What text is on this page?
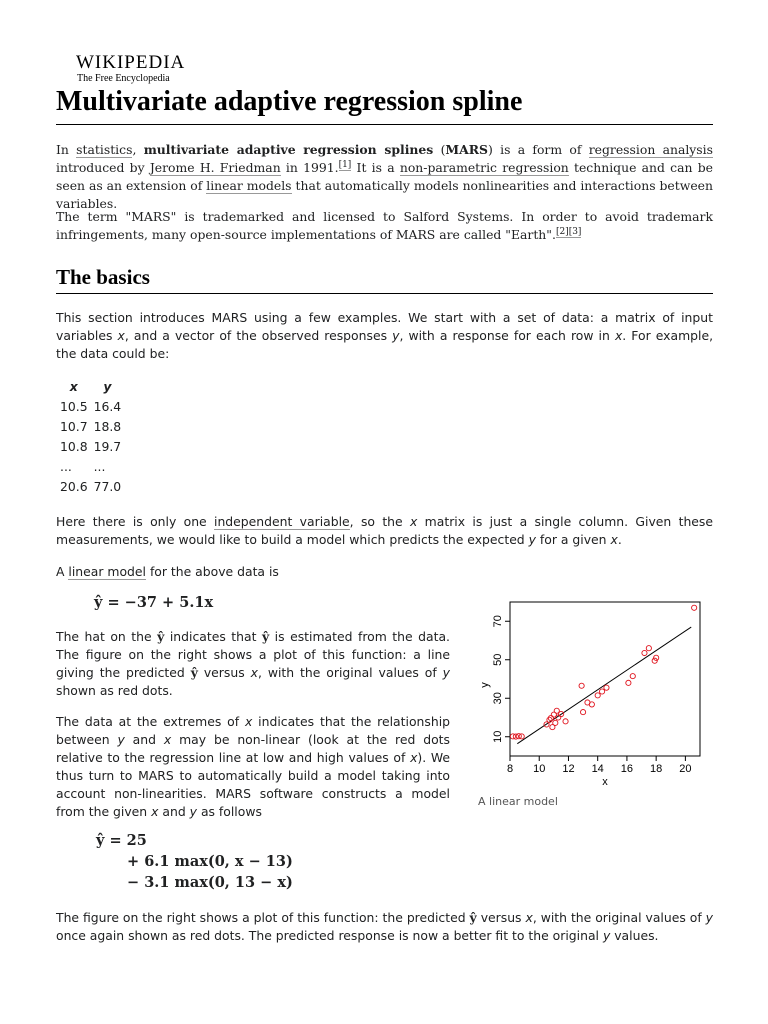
WIKIPEDIA
The Free Encyclopedia
Multivariate adaptive regression spline

In statistics, multivariate adaptive regression splines (MARS) is a form of regression analysis introduced by Jerome H. Friedman in 1991.[1] It is a non-parametric regression technique and can be seen as an extension of linear models that automatically models nonlinearities and interactions between variables.

The term "MARS" is trademarked and licensed to Salford Systems. In order to avoid trademark infringements, many open-source implementations of MARS are called "Earth".[2][3]

The basics

This section introduces MARS using a few examples. We start with a set of data: a matrix of input variables x, and a vector of the observed responses y, with a response for each row in x. For example, the data could be:

x	y
10.5	16.4
10.7	18.8
10.8	19.7
...	...
20.6	77.0

Here there is only one independent variable, so the x matrix is just a single column. Given these measurements, we would like to build a model which predicts the expected y for a given x.

A linear model for the above data is

ŷ = −37 + 5.1x

The hat on the ŷ indicates that ŷ is estimated from the data. The figure on the right shows a plot of this function: a line giving the predicted ŷ versus x, with the original values of y shown as red dots.

The data at the extremes of x indicates that the relationship between y and x may be non-linear (look at the red dots relative to the regression line at low and high values of x). We thus turn to MARS to automatically build a model taking into account non-linearities. MARS software constructs a model from the given x and y as follows

ŷ = 25
+ 6.1 max(0, x − 13)
− 3.1 max(0, 13 − x)

The figure on the right shows a plot of this function: the predicted ŷ versus x, with the original values of y once again shown as red dots. The predicted response is now a better fit to the original y values.

8 10 12 14 16 18 20
10
30
50
70
x
y
A linear model
